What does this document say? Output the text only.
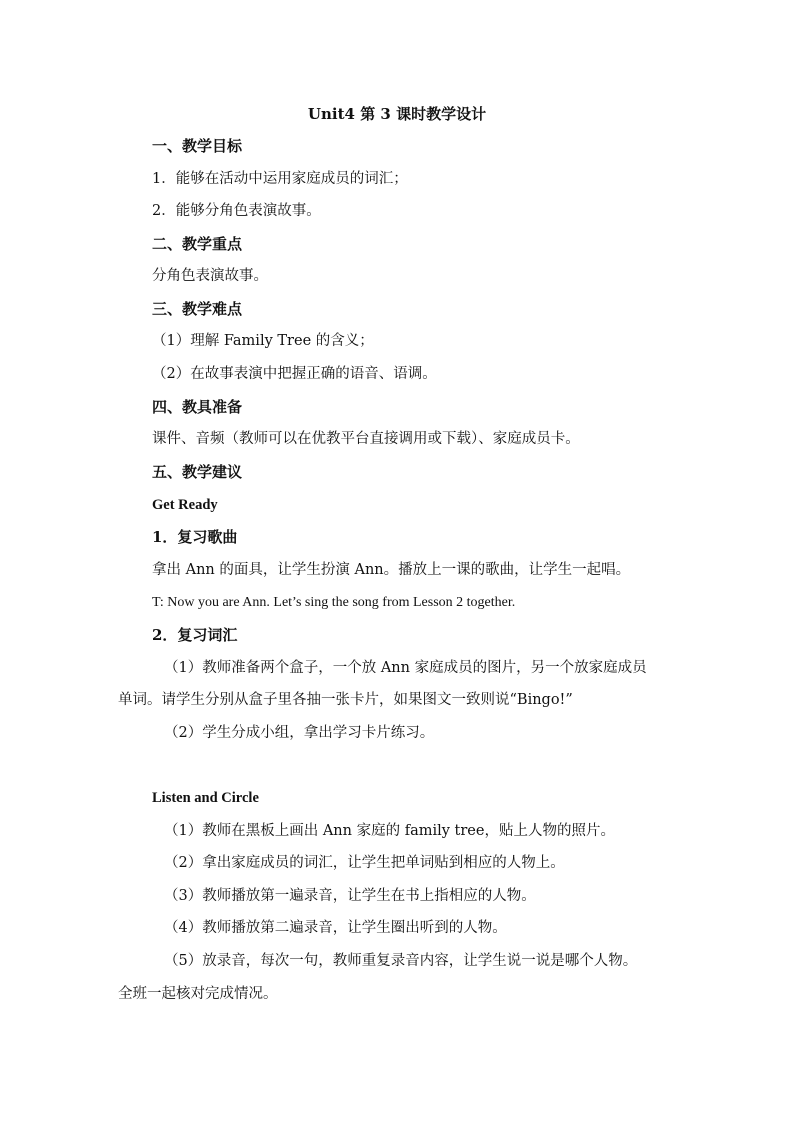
Unit4 第 3 课时教学设计
一、教学目标
1．能够在活动中运用家庭成员的词汇；
2．能够分角色表演故事。
二、教学重点
分角色表演故事。
三、教学难点
（1）理解 Family Tree 的含义；
（2）在故事表演中把握正确的语音、语调。
四、教具准备
课件、音频（教师可以在优教平台直接调用或下载）、家庭成员卡。
五、教学建议
Get Ready
1．复习歌曲
拿出 Ann 的面具，让学生扮演 Ann。播放上一课的歌曲，让学生一起唱。
T: Now you are Ann. Let’s sing the song from Lesson 2 together.
2．复习词汇
（1）教师准备两个盒子，一个放 Ann 家庭成员的图片，另一个放家庭成员
单词。请学生分别从盒子里各抽一张卡片，如果图文一致则说“Bingo!”
（2）学生分成小组，拿出学习卡片练习。
Listen and Circle
（1）教师在黑板上画出 Ann 家庭的 family tree，贴上人物的照片。
（2）拿出家庭成员的词汇，让学生把单词贴到相应的人物上。
（3）教师播放第一遍录音，让学生在书上指相应的人物。
（4）教师播放第二遍录音，让学生圈出听到的人物。
（5）放录音，每次一句，教师重复录音内容，让学生说一说是哪个人物。
全班一起核对完成情况。
